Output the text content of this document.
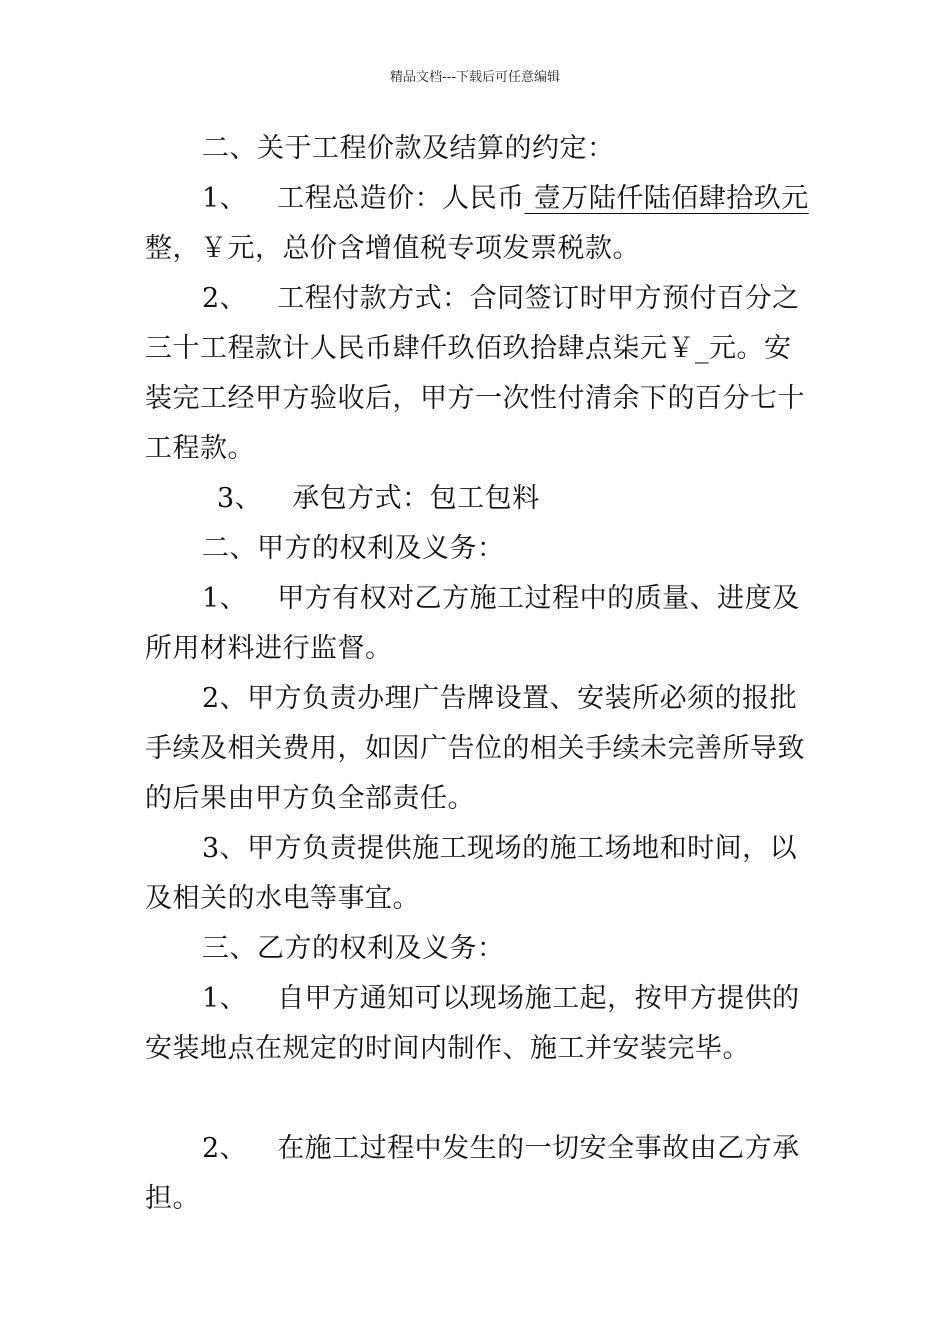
精品文档---下载后可任意编辑

二、关于工程价款及结算的约定：

1、 工程总造价：人民币 壹万陆仟陆佰肆拾玖元整，￥元，总价含增值税专项发票税款。

2、 工程付款方式：合同签订时甲方预付百分之三十工程款计人民币肆仟玖佰玖拾肆点柒元￥_元。安装完工经甲方验收后，甲方一次性付清余下的百分七十工程款。

3、 承包方式：包工包料

二、甲方的权利及义务：

1、 甲方有权对乙方施工过程中的质量、进度及所用材料进行监督。

2、甲方负责办理广告牌设置、安装所必须的报批手续及相关费用，如因广告位的相关手续未完善所导致的后果由甲方负全部责任。

3、甲方负责提供施工现场的施工场地和时间，以及相关的水电等事宜。

三、乙方的权利及义务：

1、 自甲方通知可以现场施工起，按甲方提供的安装地点在规定的时间内制作、施工并安装完毕。

2、 在施工过程中发生的一切安全事故由乙方承担。
